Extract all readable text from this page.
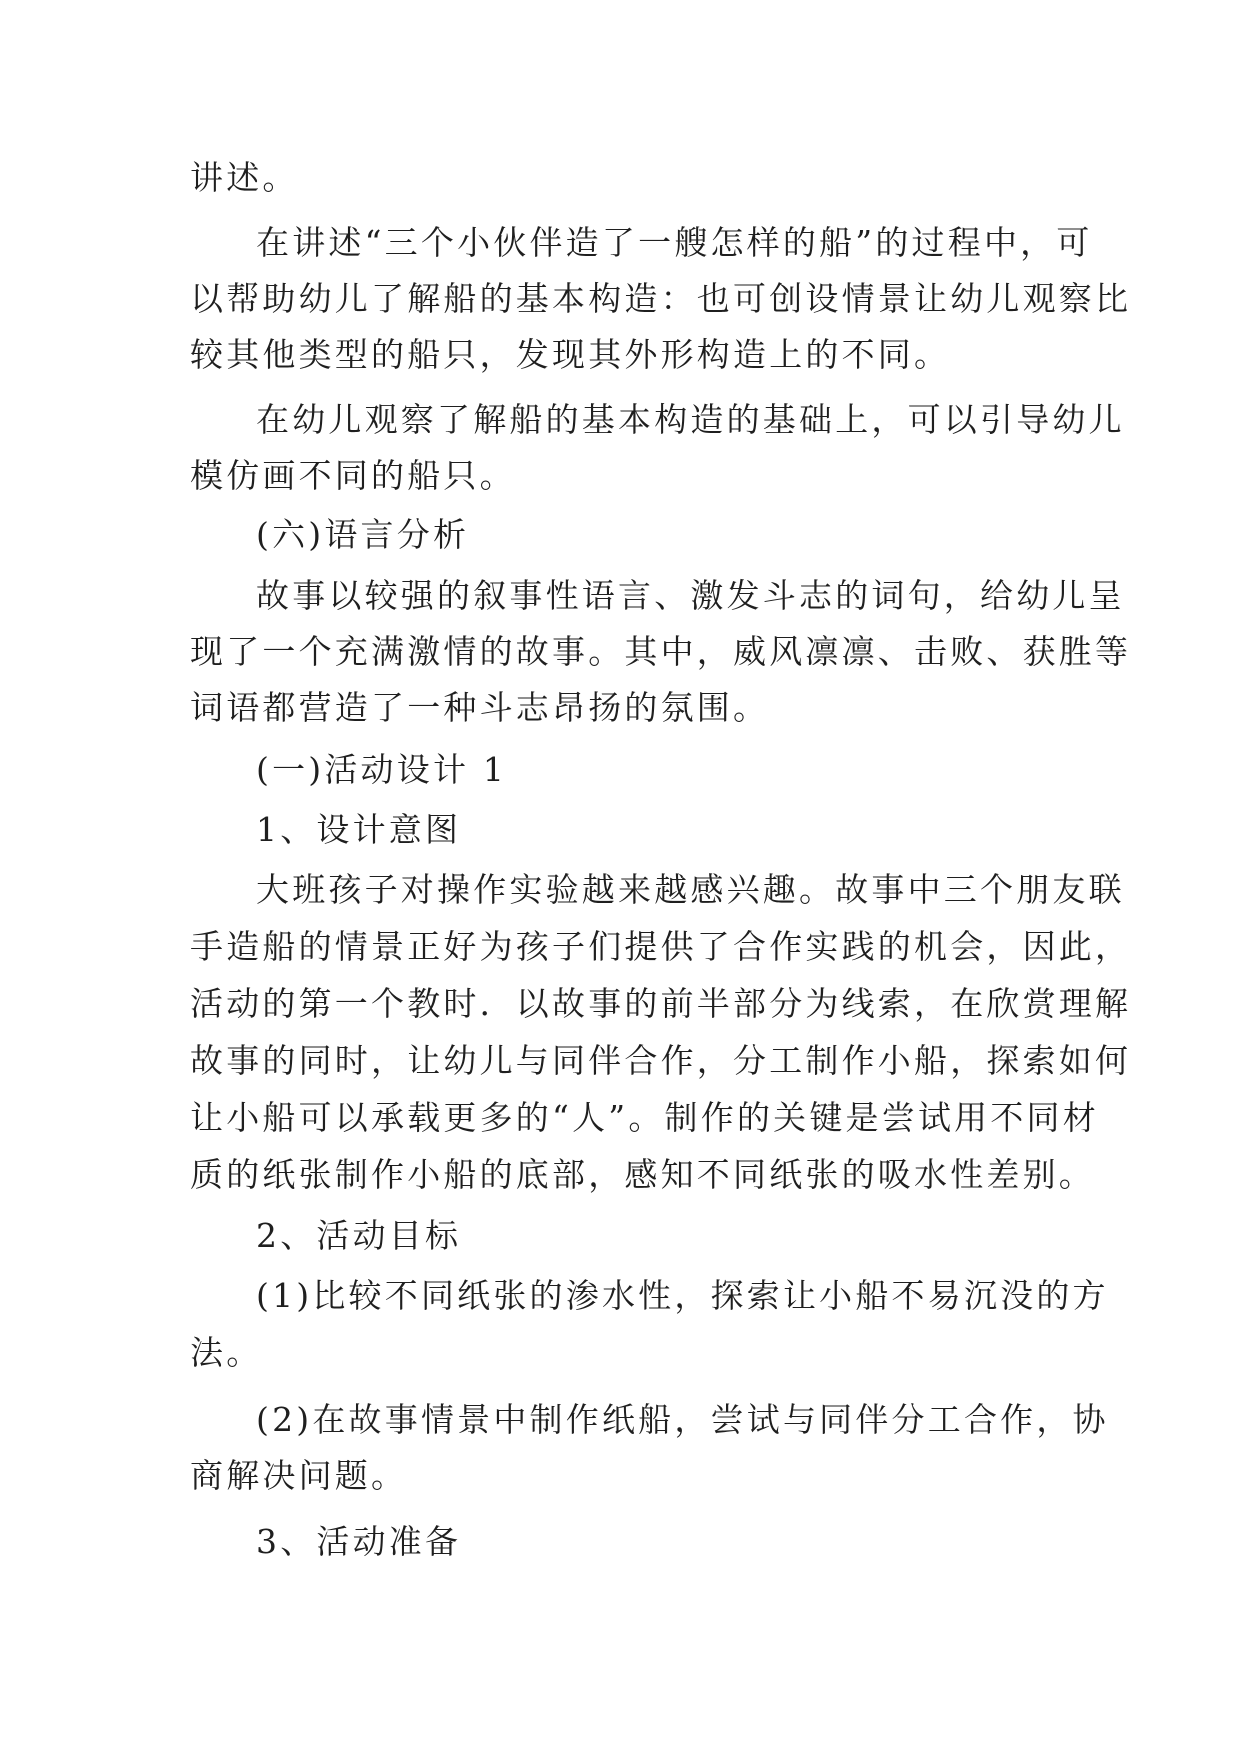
讲述。

在讲述“三个小伙伴造了一艘怎样的船”的过程中，可

以帮助幼儿了解船的基本构造：也可创设情景让幼儿观察比

较其他类型的船只，发现其外形构造上的不同。

在幼儿观察了解船的基本构造的基础上，可以引导幼儿

模仿画不同的船只。

(六)语言分析

故事以较强的叙事性语言、激发斗志的词句，给幼儿呈

现了一个充满激情的故事。其中，威风凛凛、击败、获胜等

词语都营造了一种斗志昂扬的氛围。

(一)活动设计 1

1、设计意图

大班孩子对操作实验越来越感兴趣。故事中三个朋友联

手造船的情景正好为孩子们提供了合作实践的机会，因此，

活动的第一个教时．以故事的前半部分为线索，在欣赏理解

故事的同时，让幼儿与同伴合作，分工制作小船，探索如何

让小船可以承载更多的“人”。制作的关键是尝试用不同材

质的纸张制作小船的底部，感知不同纸张的吸水性差别。

2、活动目标

(1)比较不同纸张的渗水性，探索让小船不易沉没的方

法。

(2)在故事情景中制作纸船，尝试与同伴分工合作，协

商解决问题。

3、活动准备
